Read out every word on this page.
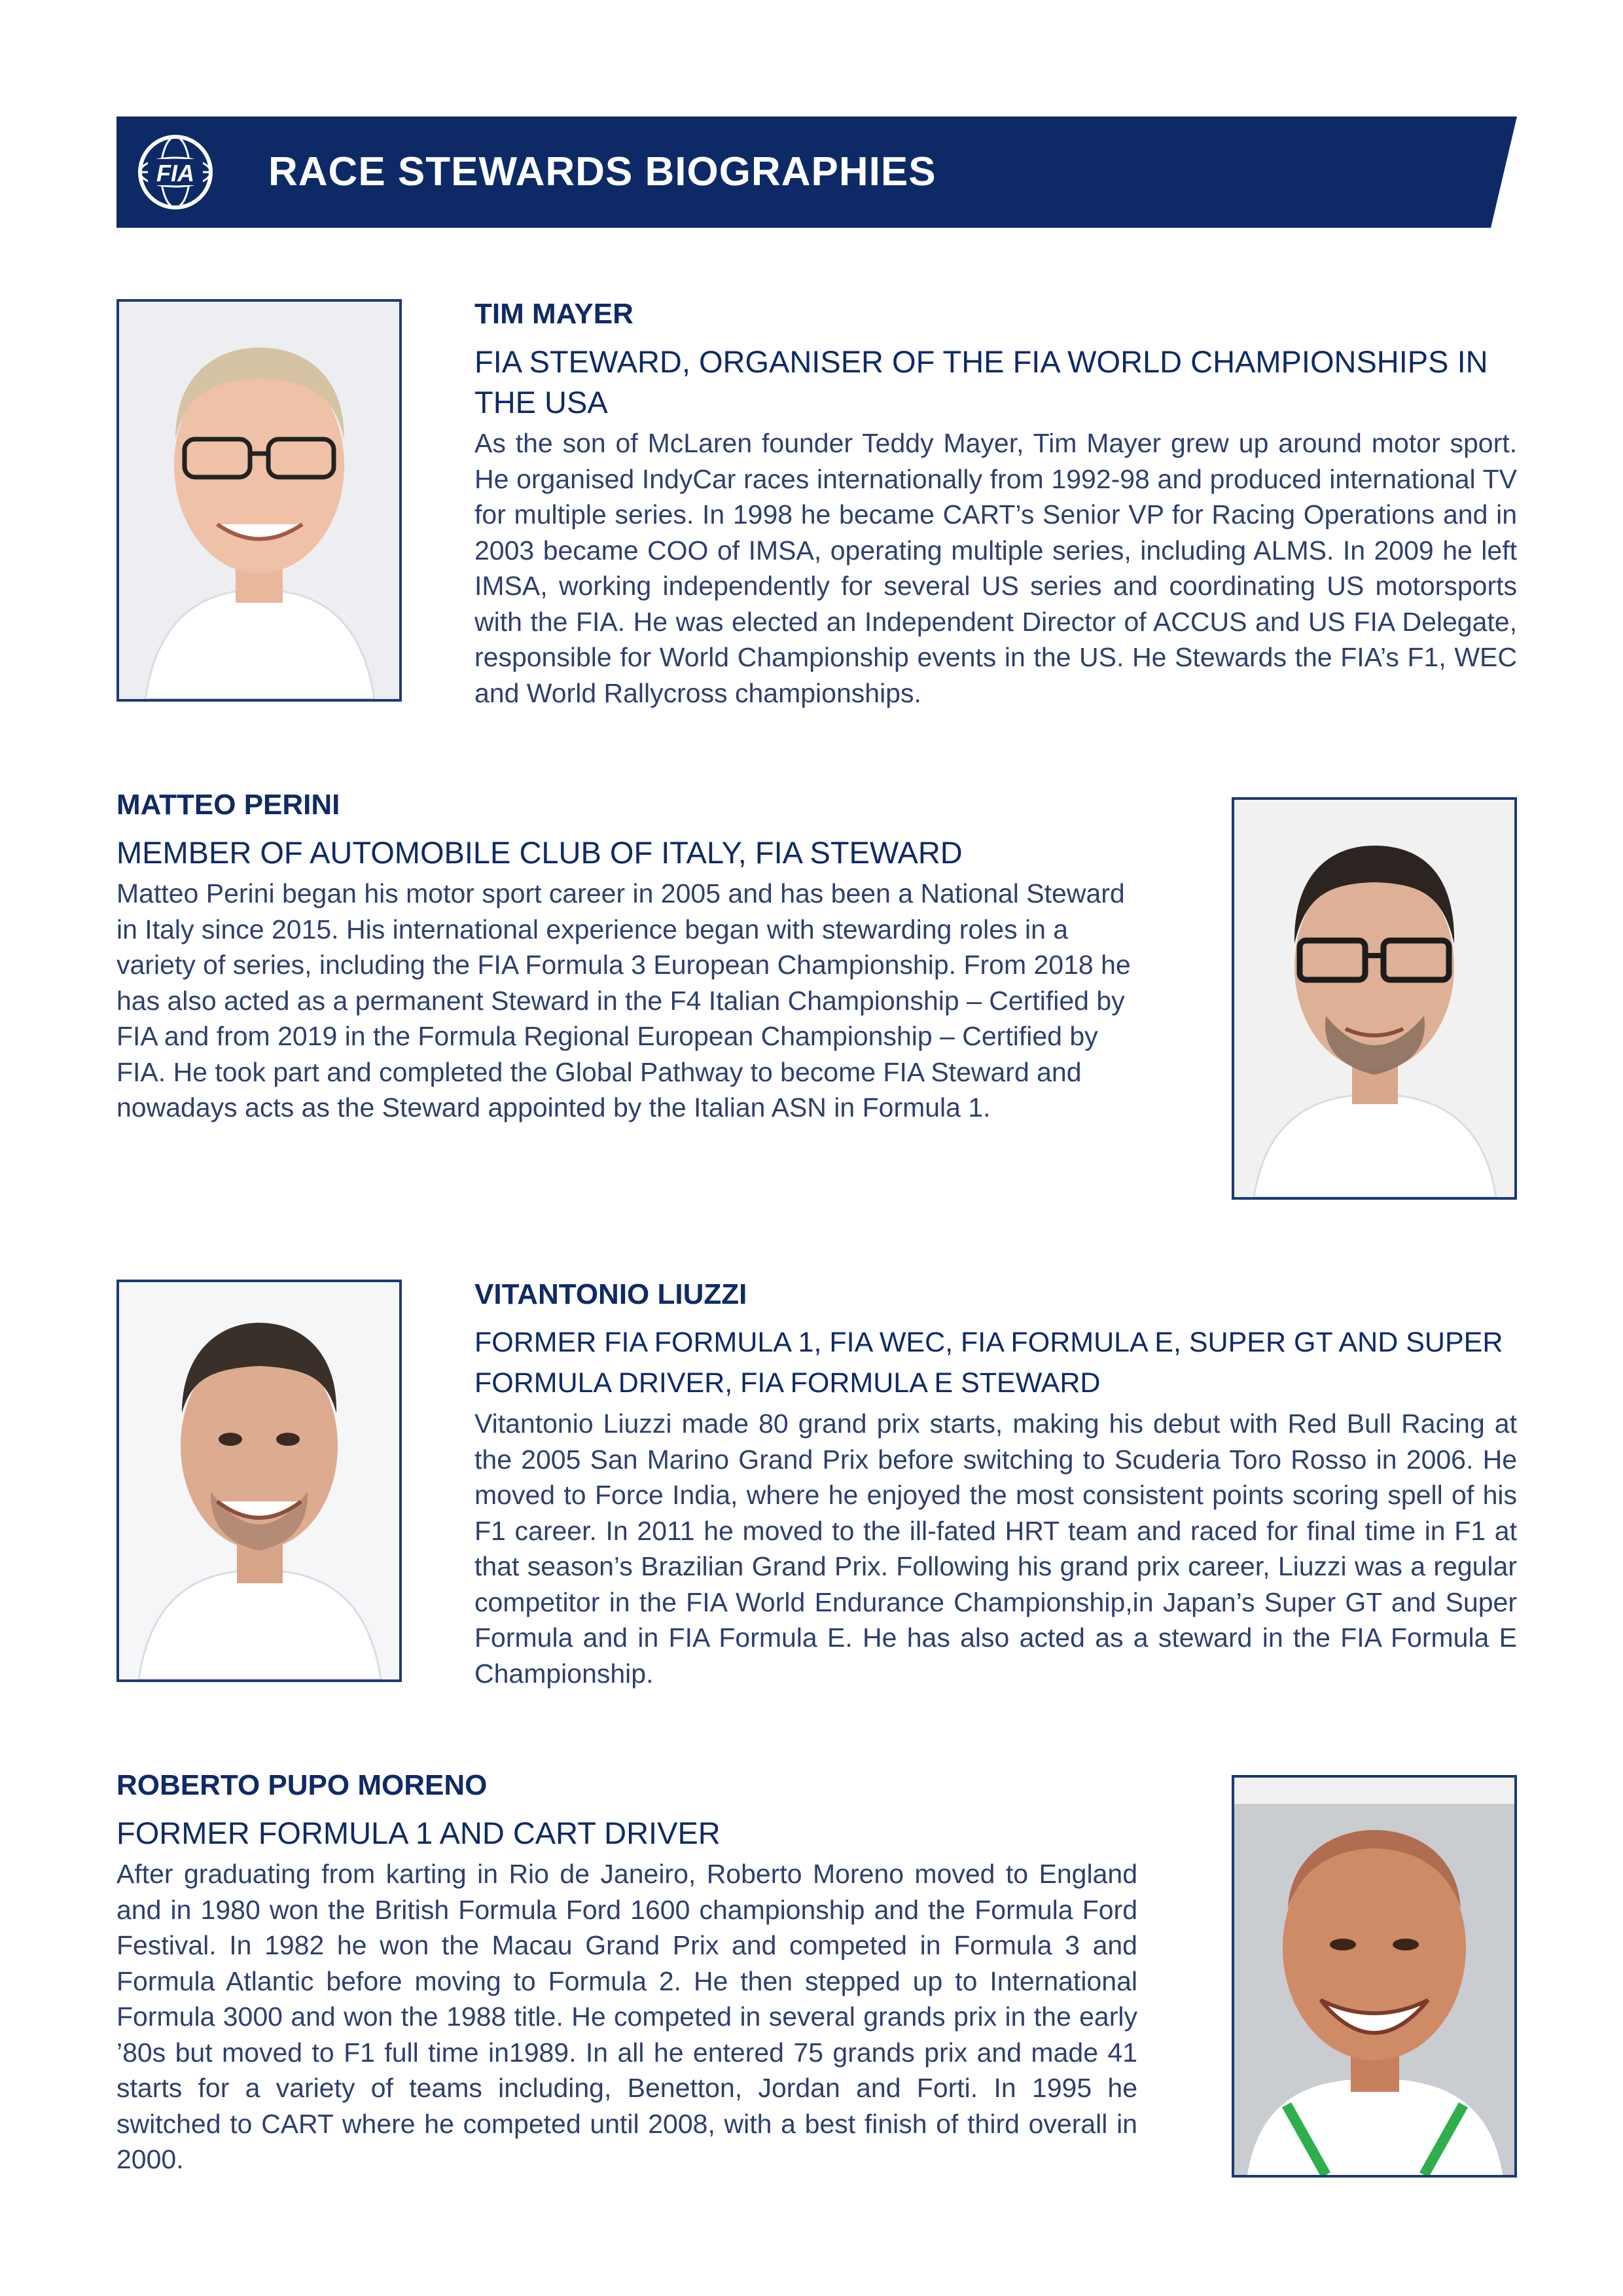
FIA RACE STEWARDS BIOGRAPHIES
TIM MAYER
FIA STEWARD, ORGANISER OF THE FIA WORLD CHAMPIONSHIPS IN THE USA

As the son of McLaren founder Teddy Mayer, Tim Mayer grew up around motor sport. He organised IndyCar races internationally from 1992-98 and produced international TV for multiple series. In 1998 he became CART’s Senior VP for Racing Operations and in 2003 became COO of IMSA, operating multiple series, including ALMS. In 2009 he left IMSA, working independently for several US series and coordinating US motorsports with the FIA. He was elected an Independent Director of ACCUS and US FIA Delegate, responsible for World Championship events in the US. He Stewards the FIA’s F1, WEC and World Rallycross championships.

MATTEO PERINI
MEMBER OF AUTOMOBILE CLUB OF ITALY, FIA STEWARD

Matteo Perini began his motor sport career in 2005 and has been a National Steward in Italy since 2015. His international experience began with stewarding roles in a variety of series, including the FIA Formula 3 European Championship. From 2018 he has also acted as a permanent Steward in the F4 Italian Championship – Certified by FIA and from 2019 in the Formula Regional European Championship – Certified by FIA. He took part and completed the Global Pathway to become FIA Steward and nowadays acts as the Steward appointed by the Italian ASN in Formula 1.

VITANTONIO LIUZZI
FORMER FIA FORMULA 1, FIA WEC, FIA FORMULA E, SUPER GT AND SUPER FORMULA DRIVER, FIA FORMULA E STEWARD

Vitantonio Liuzzi made 80 grand prix starts, making his debut with Red Bull Racing at the 2005 San Marino Grand Prix before switching to Scuderia Toro Rosso in 2006. He moved to Force India, where he enjoyed the most consistent points scoring spell of his F1 career. In 2011 he moved to the ill-fated HRT team and raced for final time in F1 at that season’s Brazilian Grand Prix. Following his grand prix career, Liuzzi was a regular competitor in the FIA World Endurance Championship,in Japan’s Super GT and Super Formula and in FIA Formula E. He has also acted as a steward in the FIA Formula E Championship.

ROBERTO PUPO MORENO
FORMER FORMULA 1 AND CART DRIVER

After graduating from karting in Rio de Janeiro, Roberto Moreno moved to England and in 1980 won the British Formula Ford 1600 championship and the Formula Ford Festival. In 1982 he won the Macau Grand Prix and competed in Formula 3 and Formula Atlantic before moving to Formula 2. He then stepped up to International Formula 3000 and won the 1988 title. He competed in several grands prix in the early ’80s but moved to F1 full time in1989. In all he entered 75 grands prix and made 41 starts for a variety of teams including, Benetton, Jordan and Forti. In 1995 he switched to CART where he competed until 2008, with a best finish of third overall in 2000.
